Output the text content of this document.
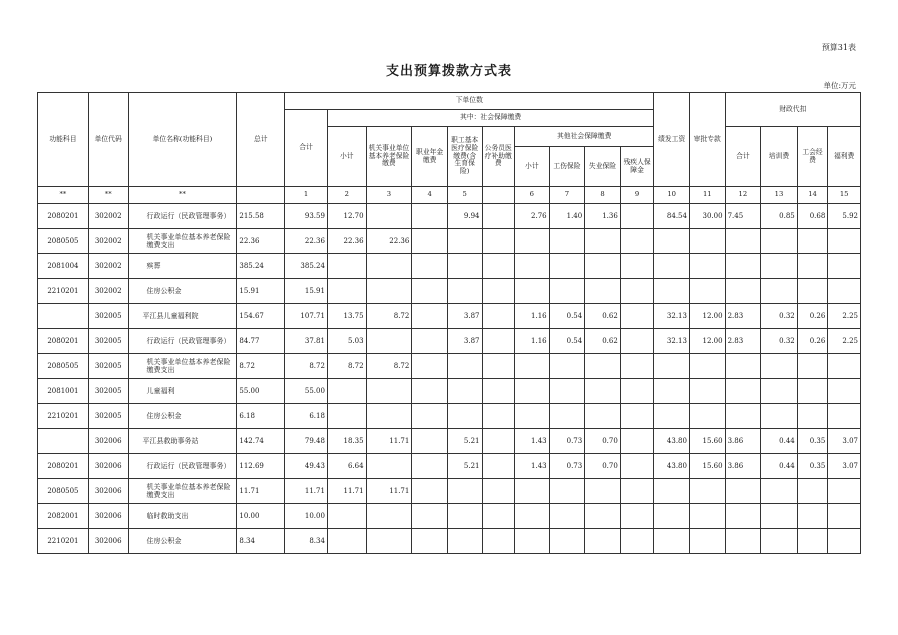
预算31表
支出预算拨款方式表
单位:万元
功能科目	单位代码	单位名称(功能科目)	总计	下单位数										绩发工资	审批专款	财政代扣			
				合计	其中：社会保障缴费														
					小计	机关事业单位基本养老保险缴费	职业年金缴费	职工基本医疗保险缴费(含生育保险)	公务员医疗补助缴费	其他社会保障缴费						合计	培训费	工会经费	福利费
										小计	工伤保险	失业保险	残疾人保障金						
**	**	**		1	2	3	4	5		6	7	8	9	10	11	12	13	14	15
2080201	302002	行政运行（民政管理事务）	215.58	93.59	12.70			9.94		2.76	1.40	1.36		84.54	30.00	7.45	0.85	0.68	5.92
2080505	302002	机关事业单位基本养老保险缴费支出	22.36	22.36	22.36	22.36													
2081004	302002	殡葬	385.24	385.24															
2210201	302002	住房公积金	15.91	15.91															
	302005	平江县儿童福利院	154.67	107.71	13.75	8.72		3.87		1.16	0.54	0.62		32.13	12.00	2.83	0.32	0.26	2.25
2080201	302005	行政运行（民政管理事务）	84.77	37.81	5.03			3.87		1.16	0.54	0.62		32.13	12.00	2.83	0.32	0.26	2.25
2080505	302005	机关事业单位基本养老保险缴费支出	8.72	8.72	8.72	8.72													
2081001	302005	儿童福利	55.00	55.00															
2210201	302005	住房公积金	6.18	6.18															
	302006	平江县救助事务站	142.74	79.48	18.35	11.71		5.21		1.43	0.73	0.70		43.80	15.60	3.86	0.44	0.35	3.07
2080201	302006	行政运行（民政管理事务）	112.69	49.43	6.64			5.21		1.43	0.73	0.70		43.80	15.60	3.86	0.44	0.35	3.07
2080505	302006	机关事业单位基本养老保险缴费支出	11.71	11.71	11.71	11.71													
2082001	302006	临时救助支出	10.00	10.00															
2210201	302006	住房公积金	8.34	8.34															
